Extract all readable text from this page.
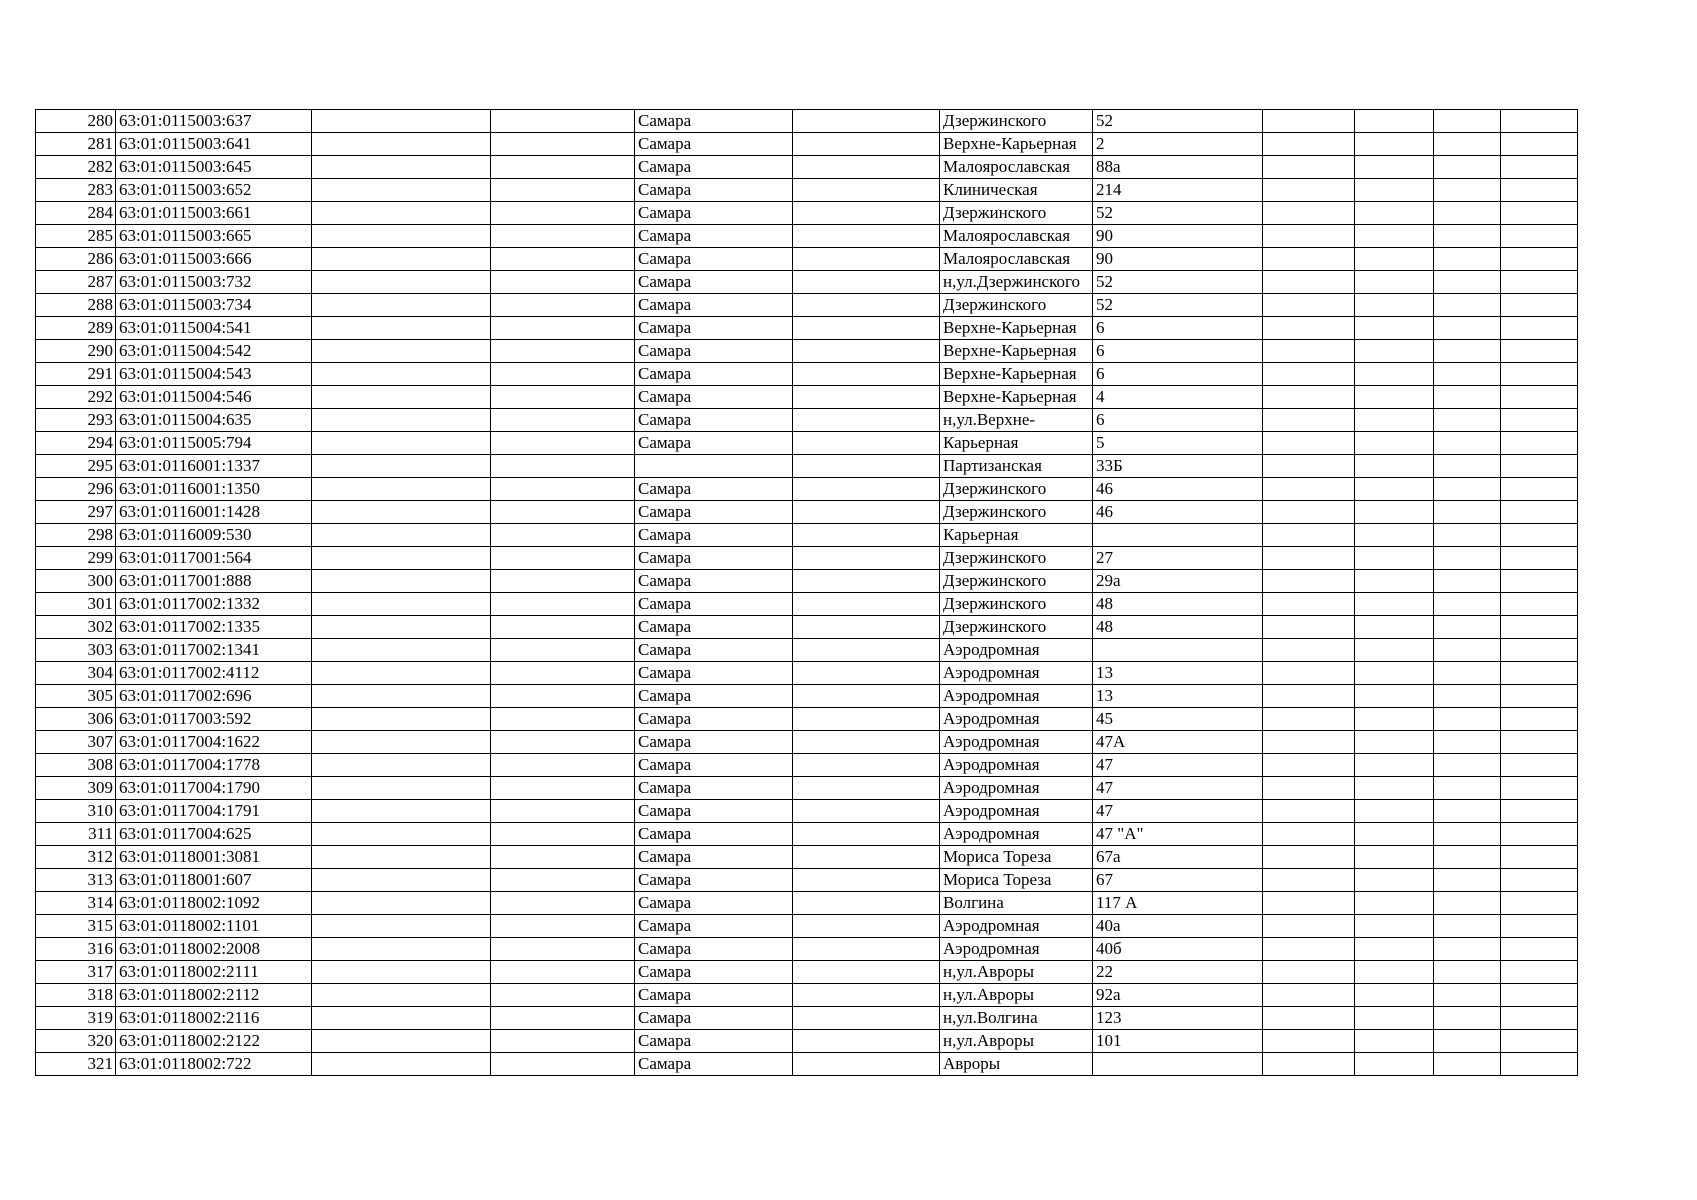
280	63:01:0115003:637			Самара		Дзержинского	52				
281	63:01:0115003:641			Самара		Верхне-Карьерная	2				
282	63:01:0115003:645			Самара		Малоярославская	88а				
283	63:01:0115003:652			Самара		Клиническая	214				
284	63:01:0115003:661			Самара		Дзержинского	52				
285	63:01:0115003:665			Самара		Малоярославская	90				
286	63:01:0115003:666			Самара		Малоярославская	90				
287	63:01:0115003:732			Самара		н,ул.Дзержинского	52				
288	63:01:0115003:734			Самара		Дзержинского	52				
289	63:01:0115004:541			Самара		Верхне-Карьерная	6				
290	63:01:0115004:542			Самара		Верхне-Карьерная	6				
291	63:01:0115004:543			Самара		Верхне-Карьерная	6				
292	63:01:0115004:546			Самара		Верхне-Карьерная	4				
293	63:01:0115004:635			Самара		н,ул.Верхне-	6				
294	63:01:0115005:794			Самара		Карьерная	5				
295	63:01:0116001:1337					Партизанская	33Б				
296	63:01:0116001:1350			Самара		Дзержинского	46				
297	63:01:0116001:1428			Самара		Дзержинского	46				
298	63:01:0116009:530			Самара		Карьерная					
299	63:01:0117001:564			Самара		Дзержинского	27				
300	63:01:0117001:888			Самара		Дзержинского	29а				
301	63:01:0117002:1332			Самара		Дзержинского	48				
302	63:01:0117002:1335			Самара		Дзержинского	48				
303	63:01:0117002:1341			Самара		Аэродромная					
304	63:01:0117002:4112			Самара		Аэродромная	13				
305	63:01:0117002:696			Самара		Аэродромная	13				
306	63:01:0117003:592			Самара		Аэродромная	45				
307	63:01:0117004:1622			Самара		Аэродромная	47А				
308	63:01:0117004:1778			Самара		Аэродромная	47				
309	63:01:0117004:1790			Самара		Аэродромная	47				
310	63:01:0117004:1791			Самара		Аэродромная	47				
311	63:01:0117004:625			Самара		Аэродромная	47 "А"				
312	63:01:0118001:3081			Самара		Мориса Тореза	67а				
313	63:01:0118001:607			Самара		Мориса Тореза	67				
314	63:01:0118002:1092			Самара		Волгина	117 А				
315	63:01:0118002:1101			Самара		Аэродромная	40а				
316	63:01:0118002:2008			Самара		Аэродромная	40б				
317	63:01:0118002:2111			Самара		н,ул.Авроры	22				
318	63:01:0118002:2112			Самара		н,ул.Авроры	92а				
319	63:01:0118002:2116			Самара		н,ул.Волгина	123				
320	63:01:0118002:2122			Самара		н,ул.Авроры	101				
321	63:01:0118002:722			Самара		Авроры					
